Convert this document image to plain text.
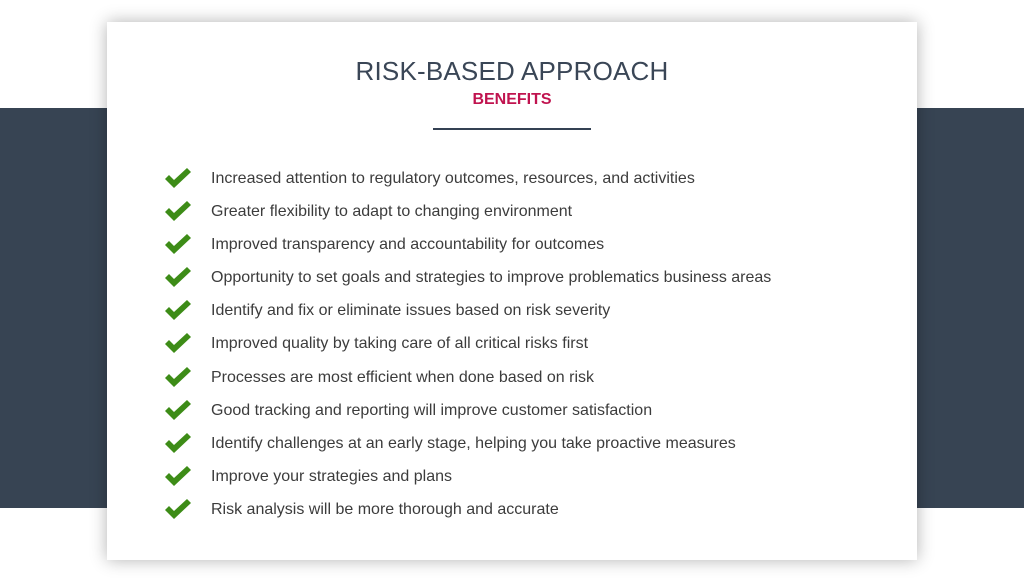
RISK-BASED APPROACH
BENEFITS
Increased attention to regulatory outcomes, resources, and activities
Greater flexibility to adapt to changing environment
Improved transparency and accountability for outcomes
Opportunity to set goals and strategies to improve problematics business areas
Identify and fix or eliminate issues based on risk severity
Improved quality by taking care of all critical risks first
Processes are most efficient when done based on risk
Good tracking and reporting will improve customer satisfaction
Identify challenges at an early stage, helping you take proactive measures
Improve your strategies and plans
Risk analysis will be more thorough and accurate
